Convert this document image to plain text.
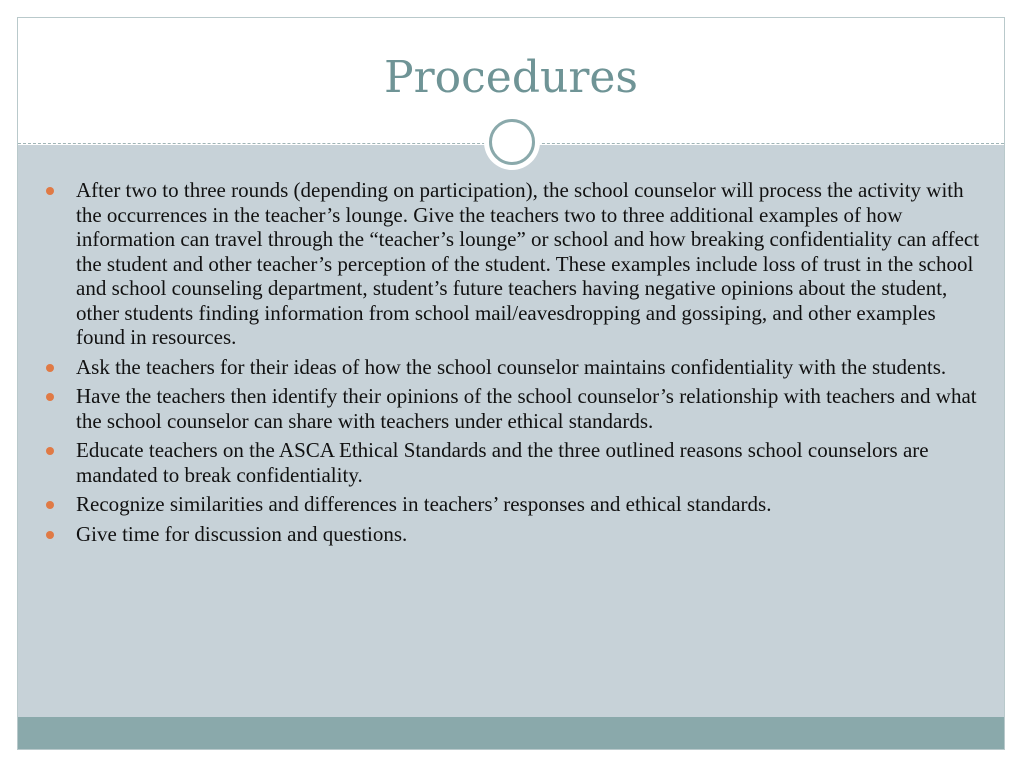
Procedures
After two to three rounds (depending on participation), the school counselor will process the activity with the occurrences in the teacher’s lounge. Give the teachers two to three additional examples of how information can travel through the “teacher’s lounge” or school and how breaking confidentiality can affect the student and other teacher’s perception of the student. These examples include loss of trust in the school and school counseling department, student’s future teachers having negative opinions about the student, other students finding information from school mail/eavesdropping and gossiping, and other examples found in resources.
Ask the teachers for their ideas of how the school counselor maintains confidentiality with the students.
Have the teachers then identify their opinions of the school counselor’s relationship with teachers and what the school counselor can share with teachers under ethical standards.
Educate teachers on the ASCA Ethical Standards and the three outlined reasons school counselors are mandated to break confidentiality.
Recognize similarities and differences in teachers’ responses and ethical standards.
Give time for discussion and questions.
